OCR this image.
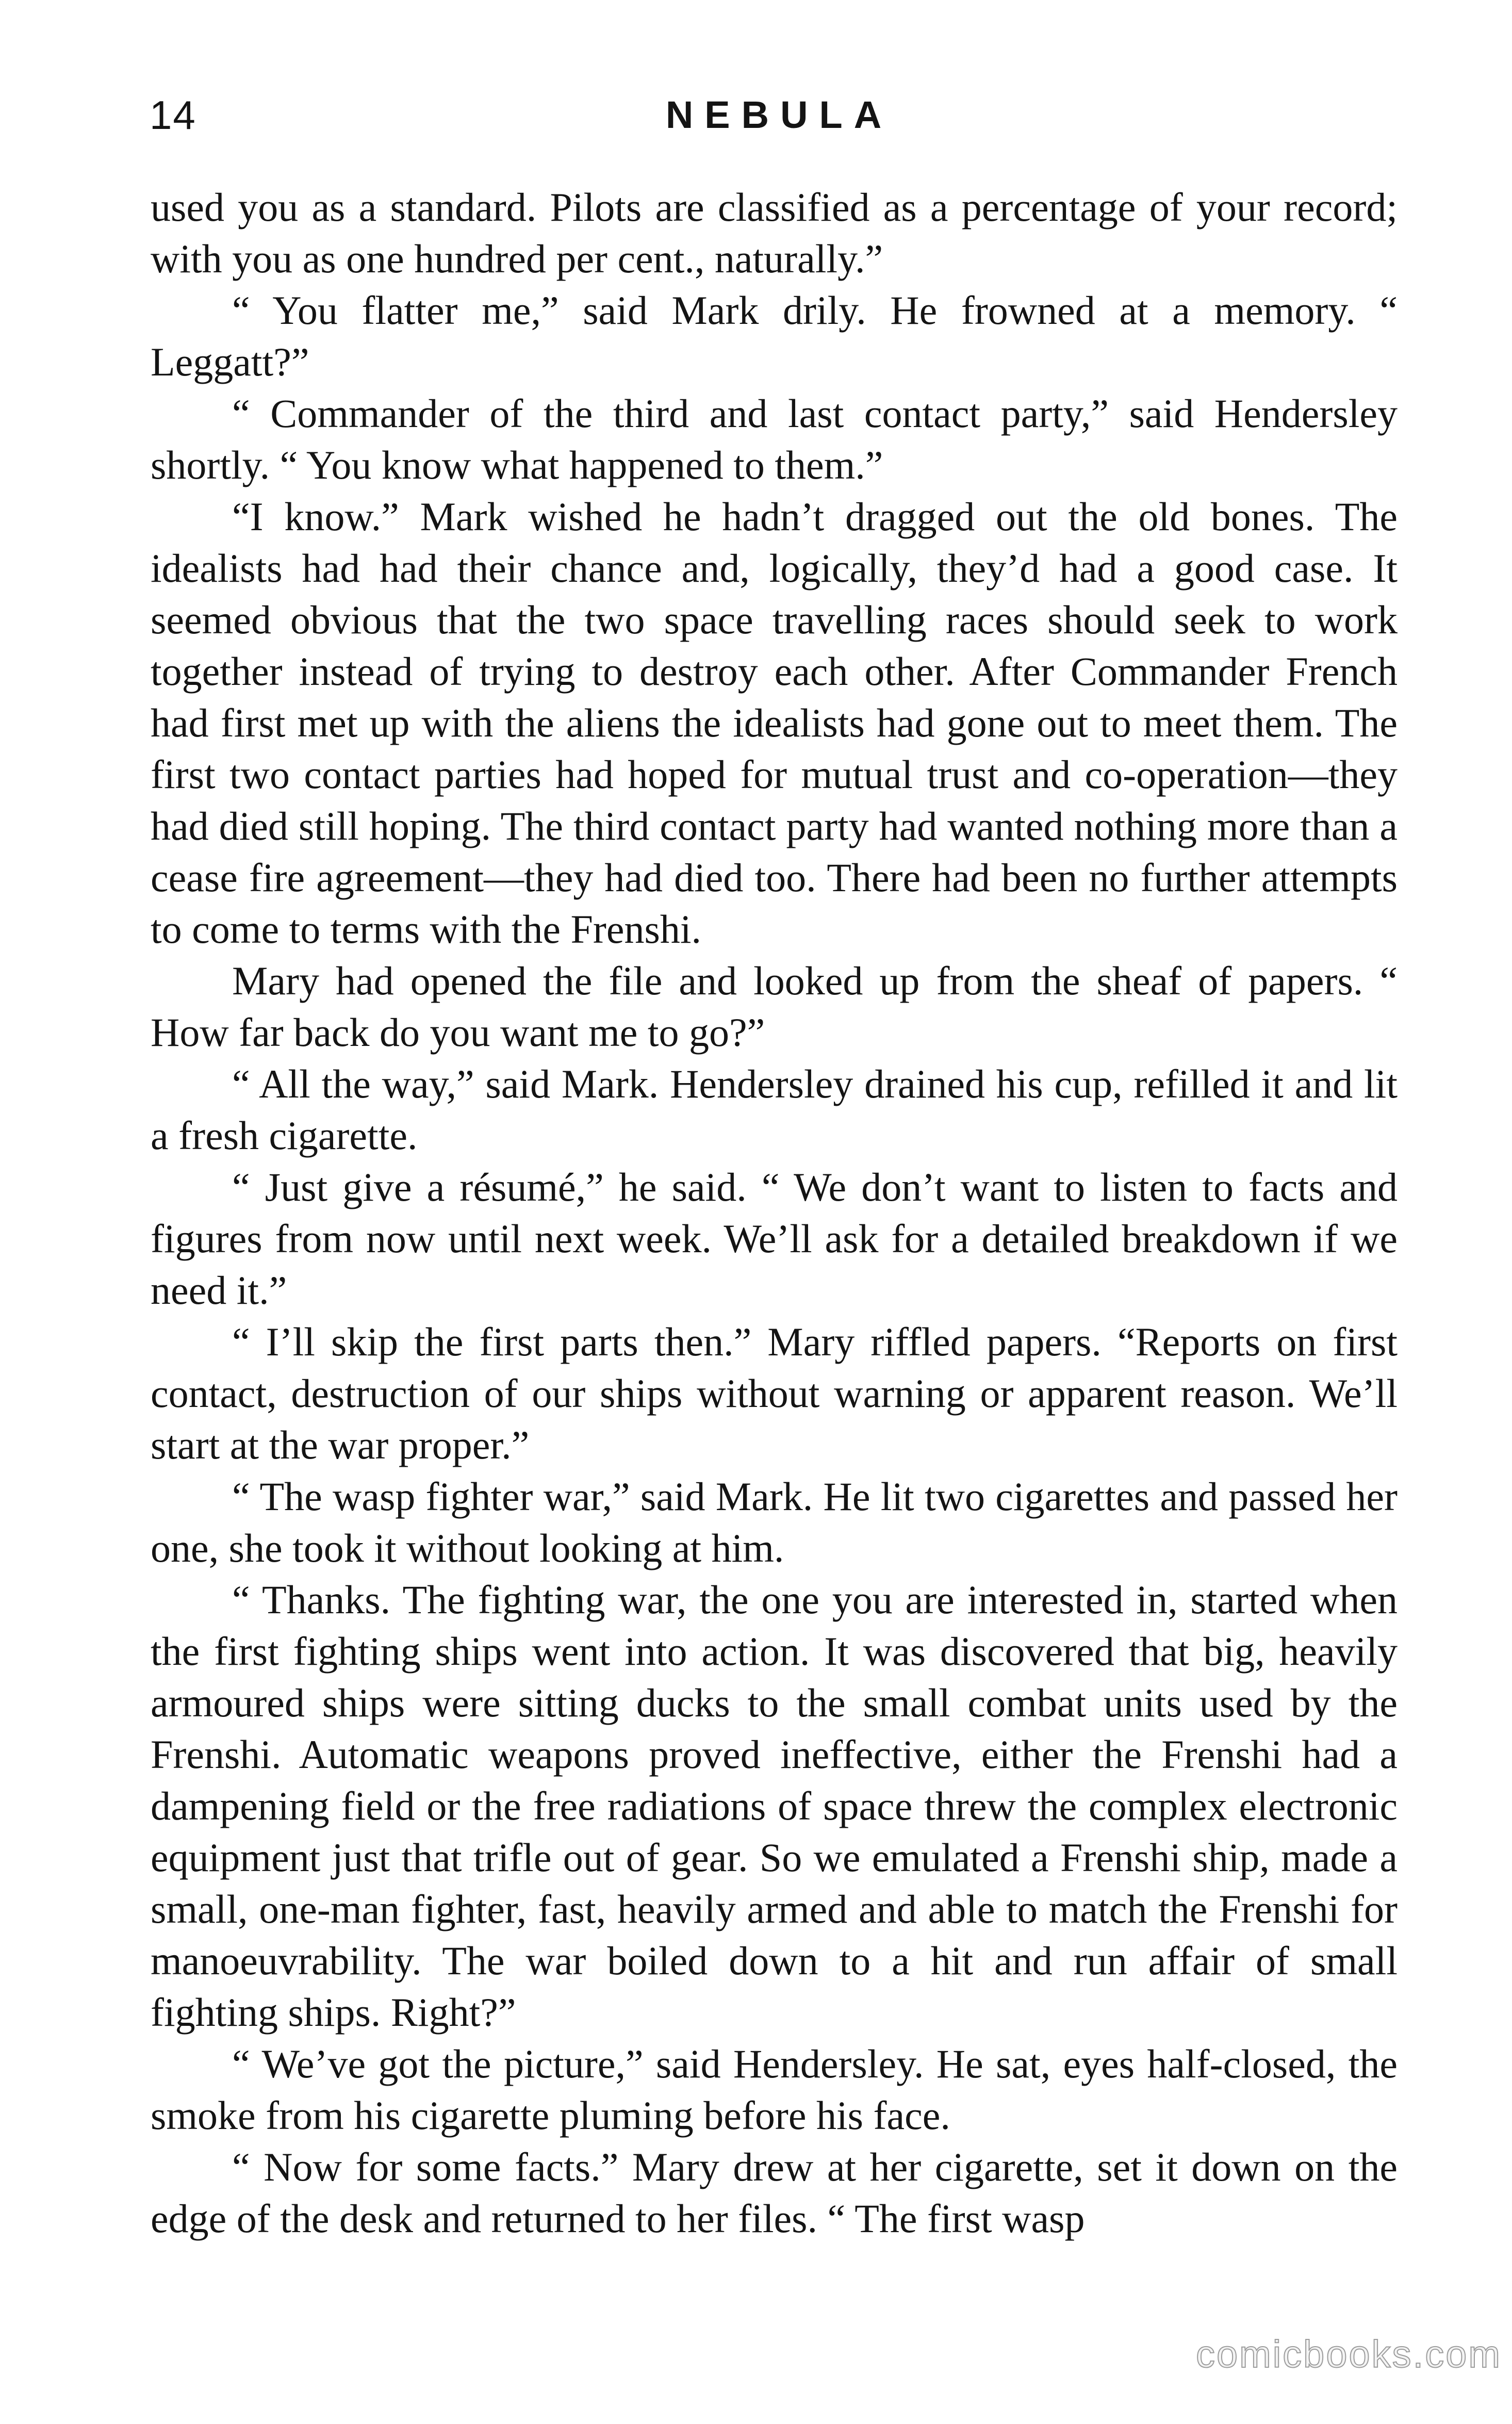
14	NEBULA

used you as a standard. Pilots are classified as a percentage of your record; with you as one hundred per cent., naturally.”

“ You flatter me,” said Mark drily. He frowned at a memory. “ Leggatt?”

“ Commander of the third and last contact party,” said Hendersley shortly. “ You know what happened to them.”

“I know.” Mark wished he hadn’t dragged out the old bones. The idealists had had their chance and, logically, they’d had a good case. It seemed obvious that the two space travelling races should seek to work together instead of trying to destroy each other. After Commander French had first met up with the aliens the idealists had gone out to meet them. The first two contact parties had hoped for mutual trust and co-operation—they had died still hoping. The third contact party had wanted nothing more than a cease fire agreement—they had died too. There had been no further attempts to come to terms with the Frenshi.

Mary had opened the file and looked up from the sheaf of papers. “ How far back do you want me to go?”

“ All the way,” said Mark. Hendersley drained his cup, refilled it and lit a fresh cigarette.

“ Just give a résumé,” he said. “ We don’t want to listen to facts and figures from now until next week. We’ll ask for a detailed breakdown if we need it.”

“ I’ll skip the first parts then.” Mary riffled papers. “Reports on first contact, destruction of our ships without warning or apparent reason. We’ll start at the war proper.”

“ The wasp fighter war,” said Mark. He lit two cigarettes and passed her one, she took it without looking at him.

“ Thanks. The fighting war, the one you are interested in, started when the first fighting ships went into action. It was discovered that big, heavily armoured ships were sitting ducks to the small combat units used by the Frenshi. Automatic weapons proved ineffective, either the Frenshi had a dampening field or the free radiations of space threw the complex electronic equipment just that trifle out of gear. So we emulated a Frenshi ship, made a small, one-man fighter, fast, heavily armed and able to match the Frenshi for manoeuvrability. The war boiled down to a hit and run affair of small fighting ships. Right?”

“ We’ve got the picture,” said Hendersley. He sat, eyes half-closed, the smoke from his cigarette pluming before his face.

“ Now for some facts.” Mary drew at her cigarette, set it down on the edge of the desk and returned to her files. “ The first wasp

comicbooks.com
